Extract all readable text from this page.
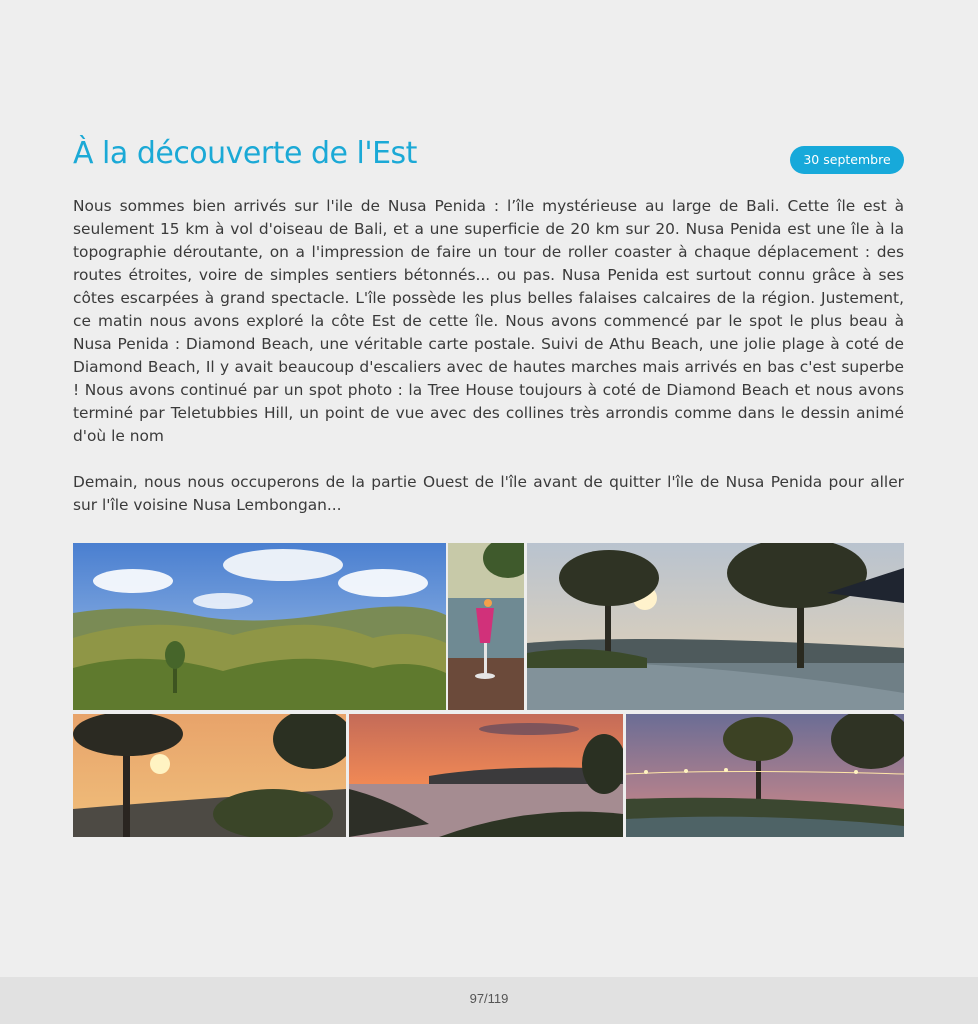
À la découverte de l'Est	30 septembre

Nous sommes bien arrivés sur l'ile de Nusa Penida : l’île mystérieuse au large de Bali. Cette île est à seulement 15 km à vol d'oiseau de Bali, et a une superficie de 20 km sur 20. Nusa Penida est une île à la topographie déroutante, on a l'impression de faire un tour de roller coaster à chaque déplacement : des routes étroites, voire de simples sentiers bétonnés... ou pas. Nusa Penida est surtout connu grâce à ses côtes escarpées à grand spectacle. L'île possède les plus belles falaises calcaires de la région. Justement, ce matin nous avons exploré la côte Est de cette île. Nous avons commencé par le spot le plus beau à Nusa Penida : Diamond Beach, une véritable carte postale. Suivi de Athu Beach, une jolie plage à coté de Diamond Beach, Il y avait beaucoup d'escaliers avec de hautes marches mais arrivés en bas c'est superbe ! Nous avons continué par un spot photo : la Tree House toujours à coté de Diamond Beach et nous avons terminé par Teletubbies Hill, un point de vue avec des collines très arrondis comme dans le dessin animé d'où le nom

Demain, nous nous occuperons de la partie Ouest de l'île avant de quitter l'île de Nusa Penida pour aller sur l'île voisine Nusa Lembongan...

97/119
